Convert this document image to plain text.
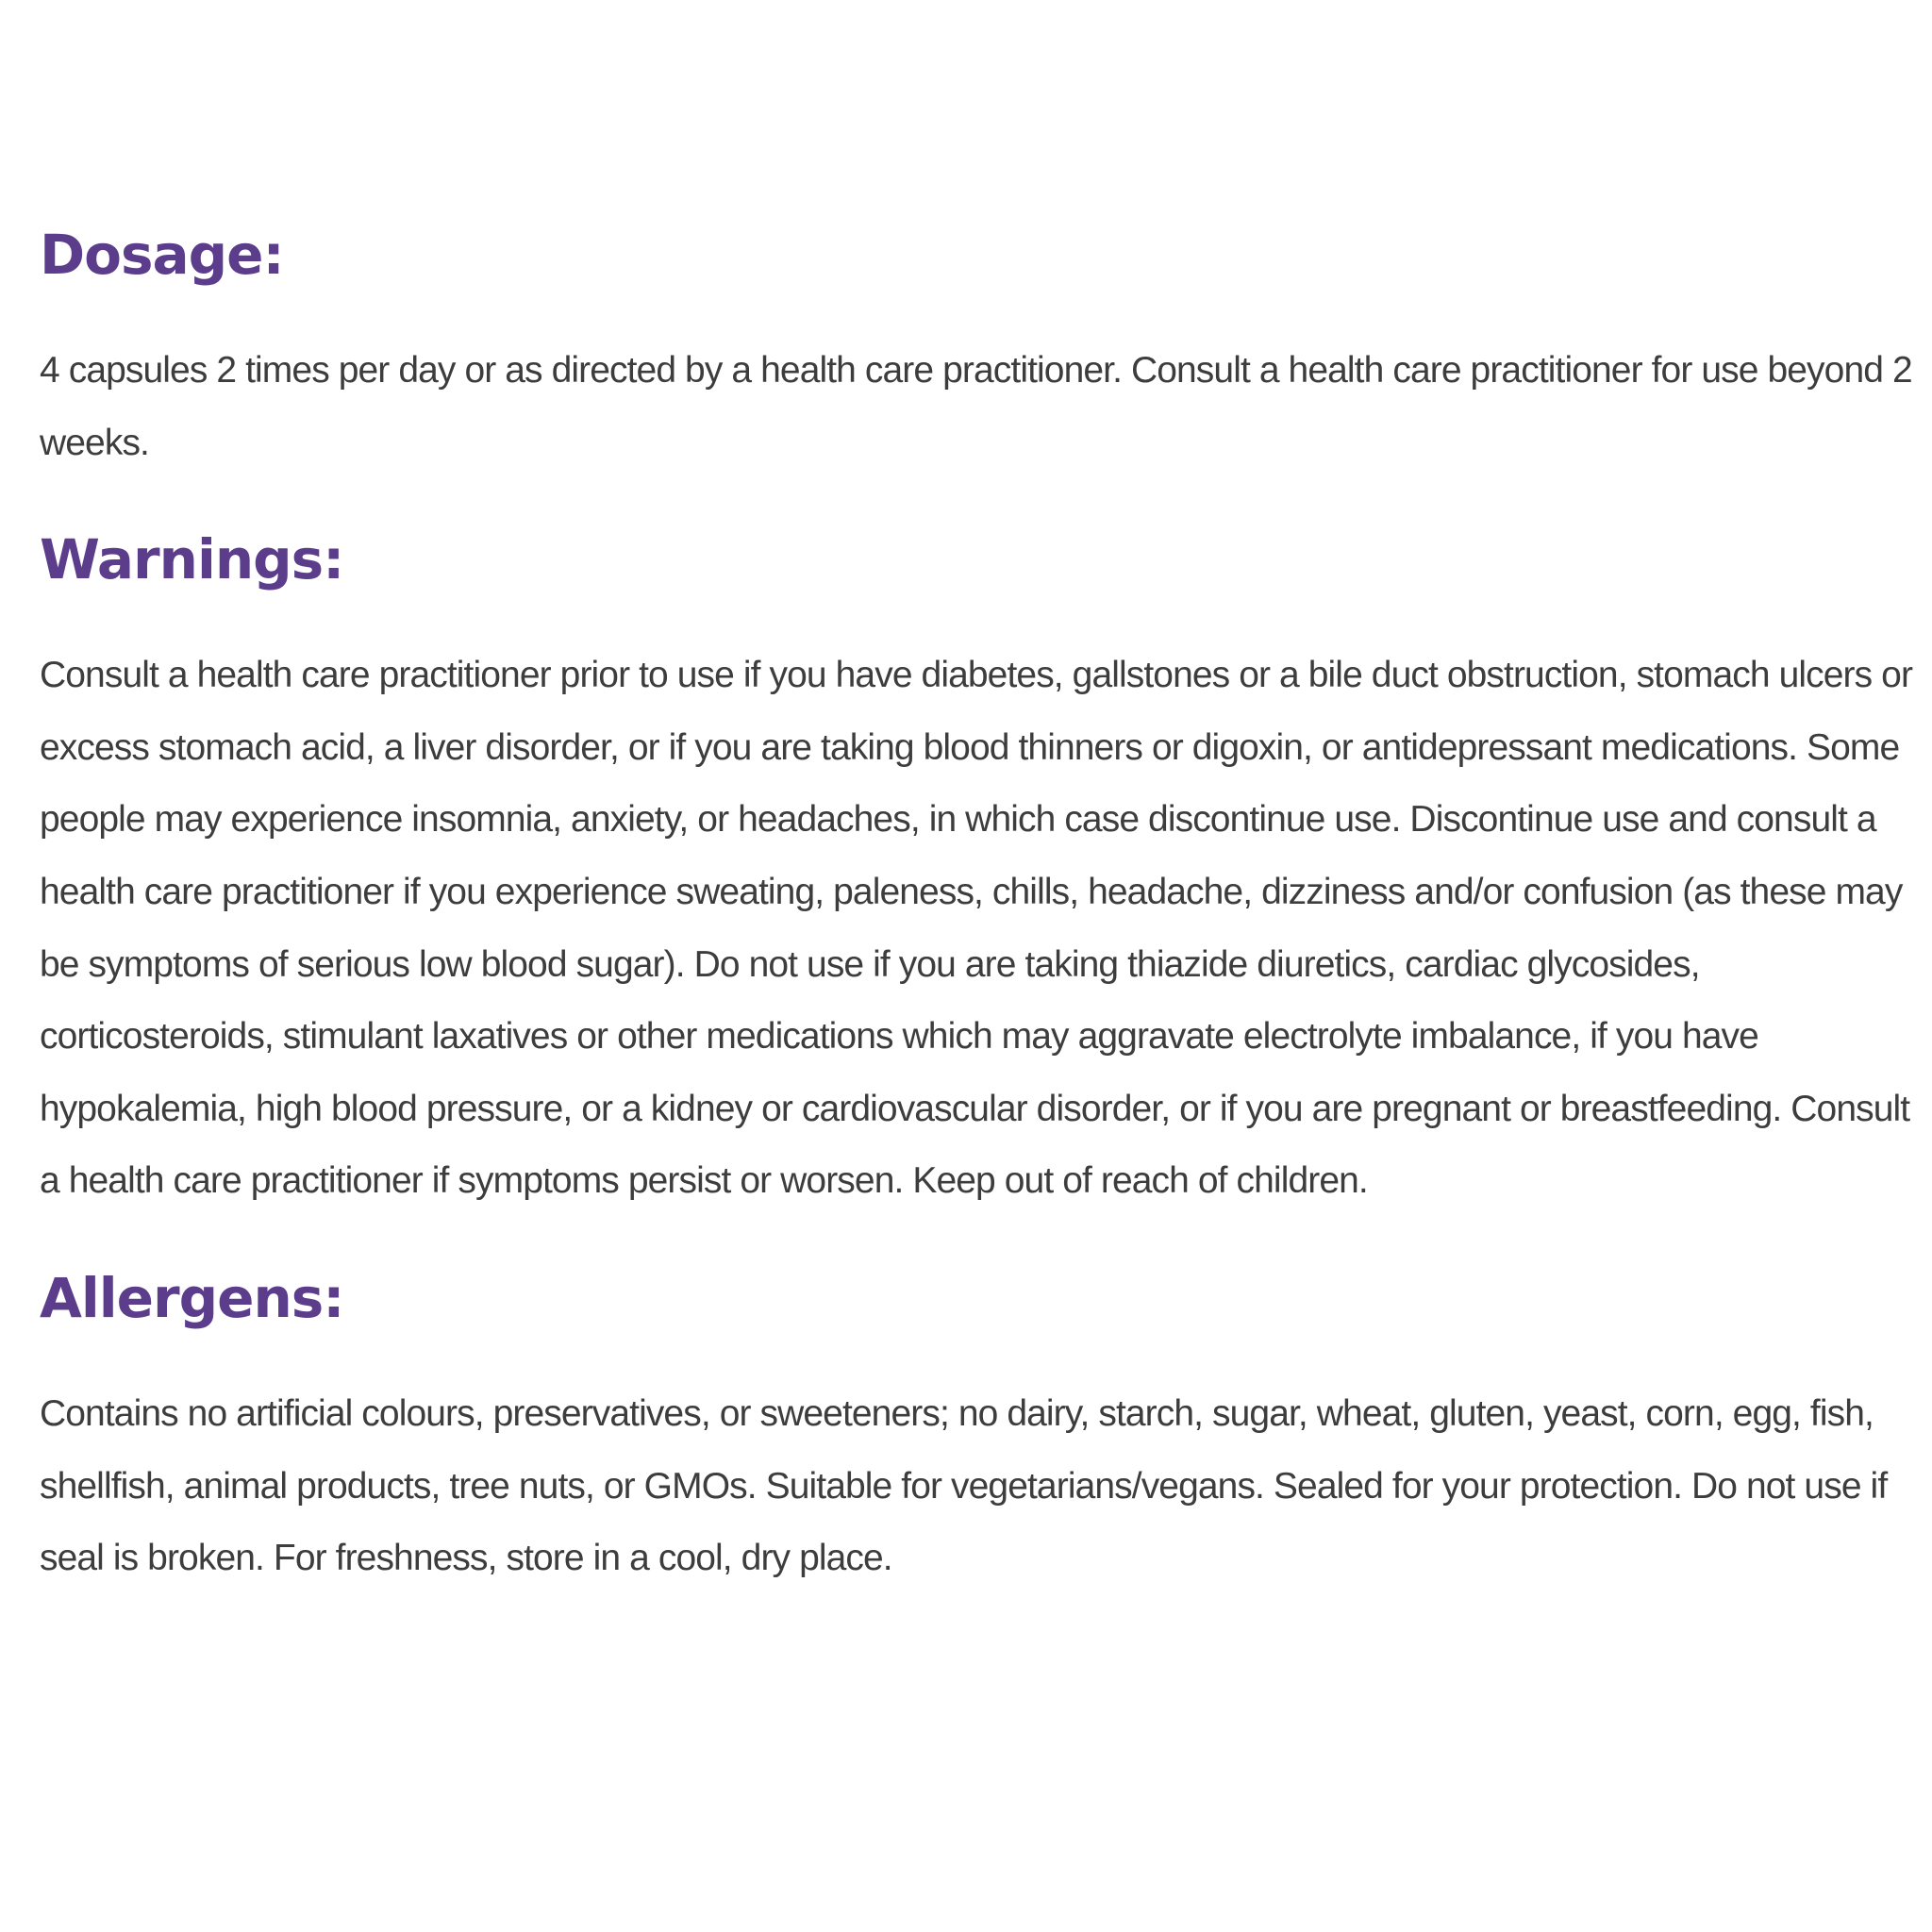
Dosage:

4 capsules 2 times per day or as directed by a health care practitioner. Consult a health care practitioner for use beyond 2 weeks.

Warnings:

Consult a health care practitioner prior to use if you have diabetes, gallstones or a bile duct obstruction, stomach ulcers or excess stomach acid, a liver disorder, or if you are taking blood thinners or digoxin, or antidepressant medications. Some people may experience insomnia, anxiety, or headaches, in which case discontinue use. Discontinue use and consult a health care practitioner if you experience sweating, paleness, chills, headache, dizziness and/or confusion (as these may be symptoms of serious low blood sugar). Do not use if you are taking thiazide diuretics, cardiac glycosides, corticosteroids, stimulant laxatives or other medications which may aggravate electrolyte imbalance, if you have hypokalemia, high blood pressure, or a kidney or cardiovascular disorder, or if you are pregnant or breastfeeding. Consult a health care practitioner if symptoms persist or worsen. Keep out of reach of children.

Allergens:

Contains no artificial colours, preservatives, or sweeteners; no dairy, starch, sugar, wheat, gluten, yeast, corn, egg, fish, shellfish, animal products, tree nuts, or GMOs. Suitable for vegetarians/vegans. Sealed for your protection. Do not use if seal is broken. For freshness, store in a cool, dry place.
